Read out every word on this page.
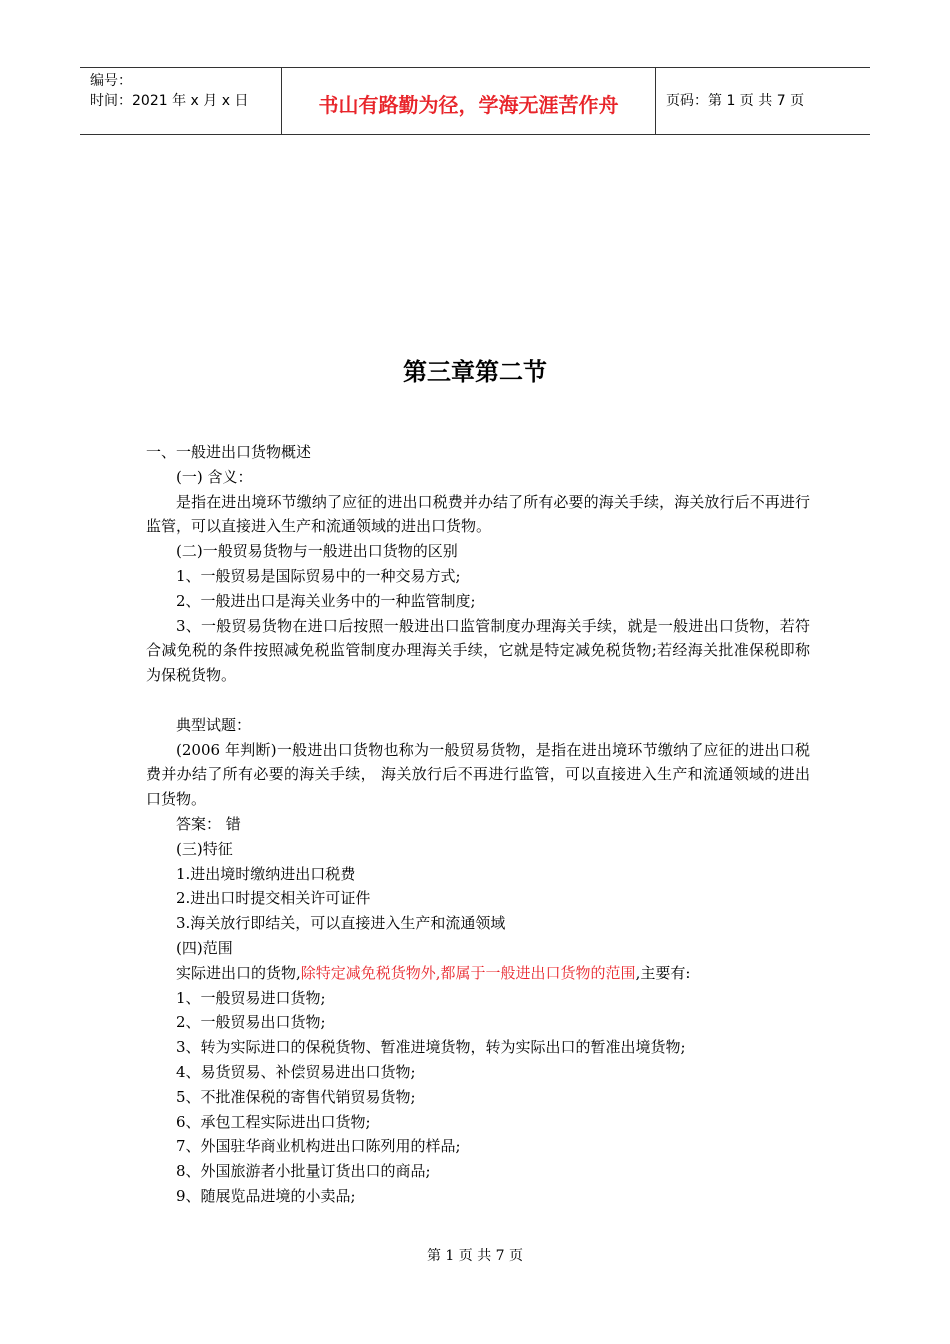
编号：
时间：2021 年 x 月 x 日	书山有路勤为径，学海无涯苦作舟	页码：第 1 页 共 7 页
第三章第二节
一、一般进出口货物概述
(一) 含义：
是指在进出境环节缴纳了应征的进出口税费并办结了所有必要的海关手续，海关放行后不再进行监管，可以直接进入生产和流通领域的进出口货物。
(二)一般贸易货物与一般进出口货物的区别
1、一般贸易是国际贸易中的一种交易方式;
2、一般进出口是海关业务中的一种监管制度;
3、一般贸易货物在进口后按照一般进出口监管制度办理海关手续，就是一般进出口货物，若符合减免税的条件按照减免税监管制度办理海关手续，它就是特定减免税货物;若经海关批准保税即称为保税货物。
典型试题：
(2006 年判断)一般进出口货物也称为一般贸易货物，是指在进出境环节缴纳了应征的进出口税费并办结了所有必要的海关手续， 海关放行后不再进行监管，可以直接进入生产和流通领域的进出口货物。
答案： 错
(三)特征
1.进出境时缴纳进出口税费
2.进出口时提交相关许可证件
3.海关放行即结关，可以直接进入生产和流通领域
(四)范围
实际进出口的货物,除特定减免税货物外,都属于一般进出口货物的范围,主要有:
1、一般贸易进口货物;
2、一般贸易出口货物;
3、转为实际进口的保税货物、暂准进境货物，转为实际出口的暂准出境货物;
4、易货贸易、补偿贸易进出口货物;
5、不批准保税的寄售代销贸易货物;
6、承包工程实际进出口货物;
7、外国驻华商业机构进出口陈列用的样品;
8、外国旅游者小批量订货出口的商品;
9、随展览品进境的小卖品;
第 1 页 共 7 页
